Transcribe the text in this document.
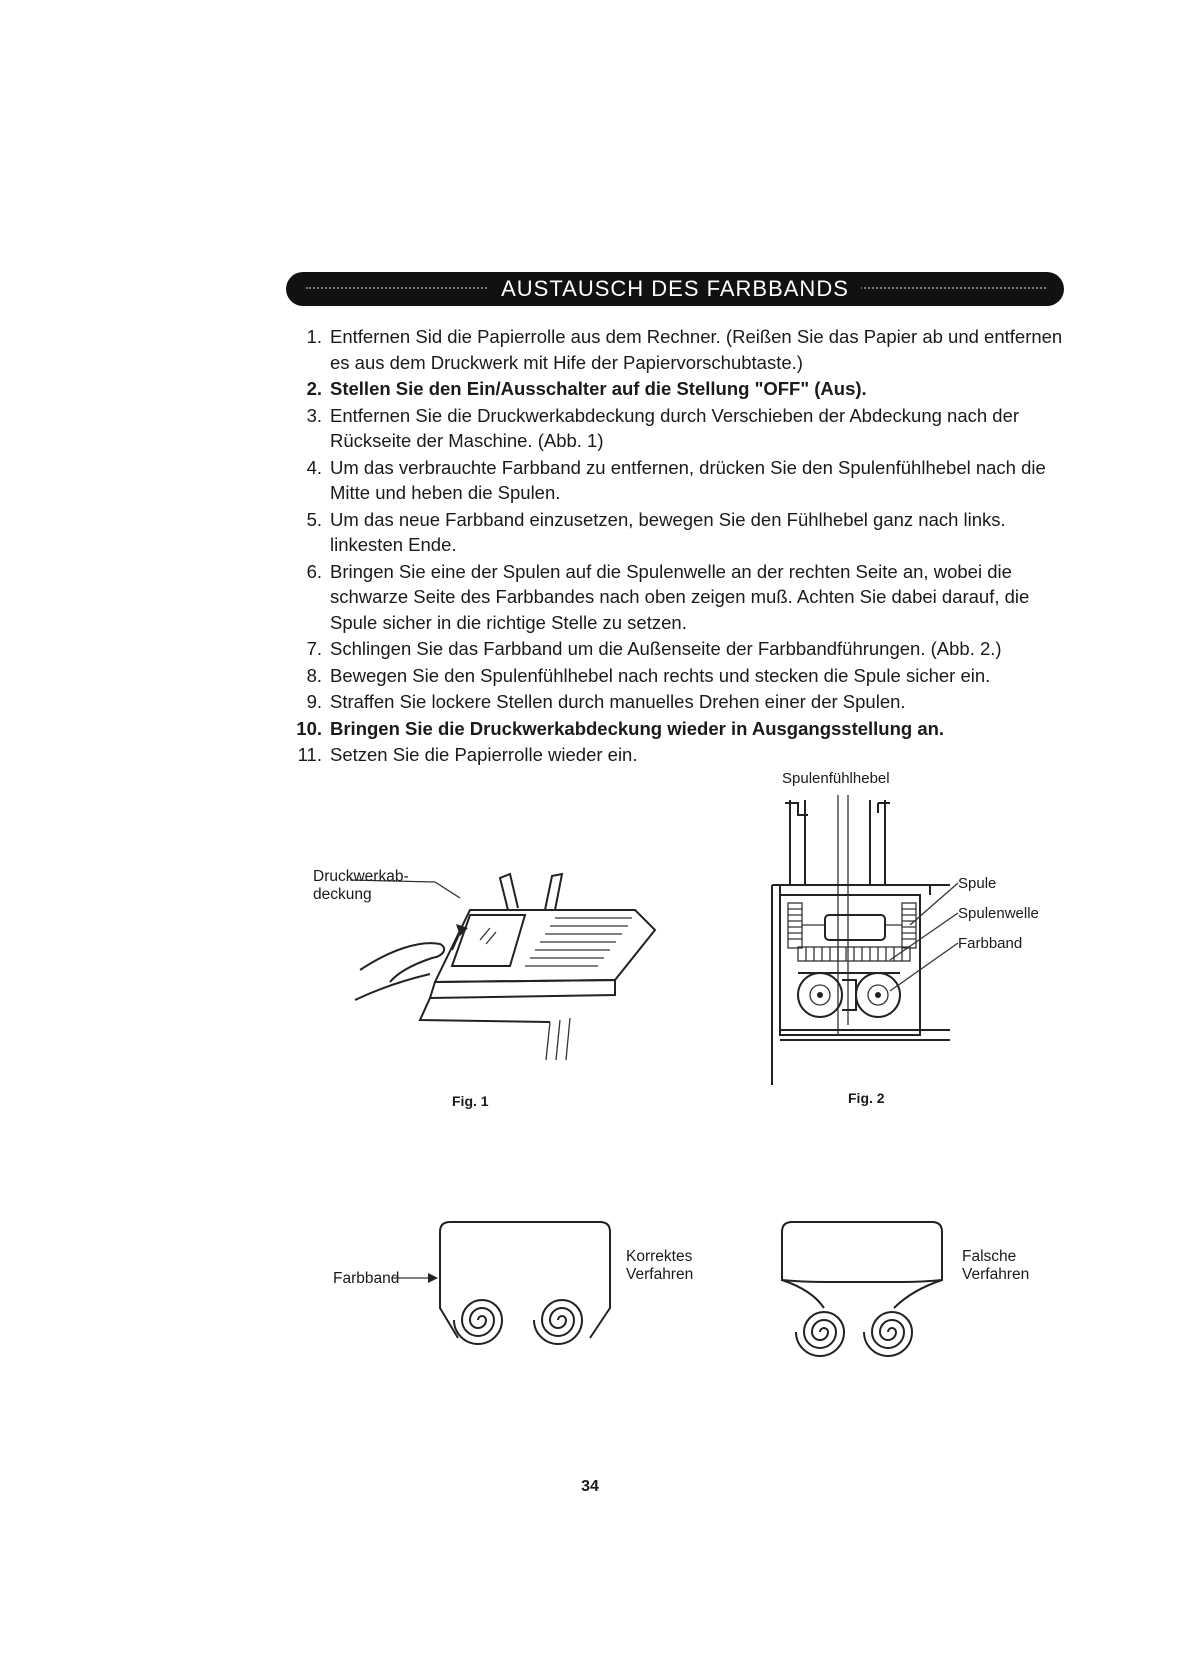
AUSTAUSCH DES FARBBANDS
1. Entfernen Sid die Papierrolle aus dem Rechner. (Reißen Sie das Papier ab und entfernen es aus dem Druckwerk mit Hife der Papiervorschubtaste.)
2. Stellen Sie den Ein/Ausschalter auf die Stellung "OFF" (Aus).
3. Entfernen Sie die Druckwerkabdeckung durch Verschieben der Abdeckung nach der Rückseite der Maschine. (Abb. 1)
4. Um das verbrauchte Farbband zu entfernen, drücken Sie den Spulenfühlhebel nach die Mitte und heben die Spulen.
5. Um das neue Farbband einzusetzen, bewegen Sie den Fühlhebel ganz nach links. linkesten Ende.
6. Bringen Sie eine der Spulen auf die Spulenwelle an der rechten Seite an, wobei die schwarze Seite des Farbbandes nach oben zeigen muß. Achten Sie dabei darauf, die Spule sicher in die richtige Stelle zu setzen.
7. Schlingen Sie das Farbband um die Außenseite der Farbbandführungen. (Abb. 2.)
8. Bewegen Sie den Spulenfühlhebel nach rechts und stecken die Spule sicher ein.
9. Straffen Sie lockere Stellen durch manuelles Drehen einer der Spulen.
10. Bringen Sie die Druckwerkabdeckung wieder in Ausgangsstellung an.
11. Setzen Sie die Papierrolle wieder ein.
Druckwerkab-
deckung
Fig. 1
Spulenfühlhebel
Spule
Spulenwelle
Farbband
Fig. 2
Farbband
Korrektes
Verfahren
Falsche
Verfahren
34
